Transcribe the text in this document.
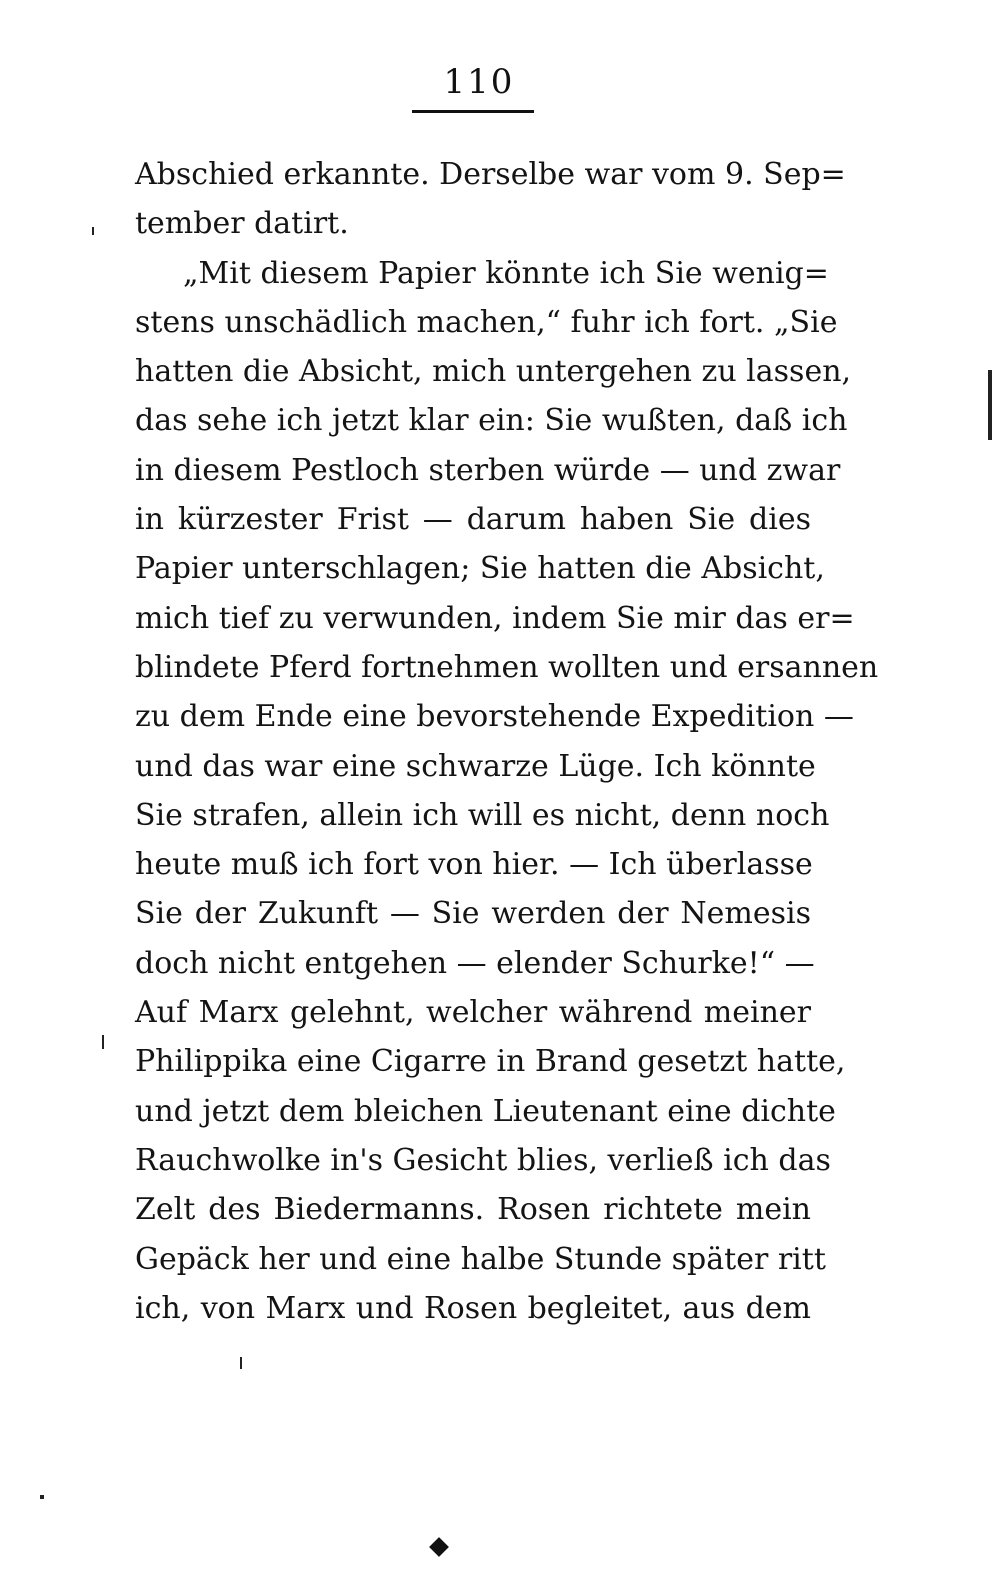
110
Abschied erkannte. Derselbe war vom 9. Sep=
tember datirt.
„Mit diesem Papier könnte ich Sie wenig=
stens unschädlich machen,“ fuhr ich fort. „Sie
hatten die Absicht, mich untergehen zu lassen,
das sehe ich jetzt klar ein: Sie wußten, daß ich
in diesem Pestloch sterben würde — und zwar
in kürzester Frist — darum haben Sie dies
Papier unterschlagen; Sie hatten die Absicht,
mich tief zu verwunden, indem Sie mir das er=
blindete Pferd fortnehmen wollten und ersannen
zu dem Ende eine bevorstehende Expedition —
und das war eine schwarze Lüge. Ich könnte
Sie strafen, allein ich will es nicht, denn noch
heute muß ich fort von hier. — Ich überlasse
Sie der Zukunft — Sie werden der Nemesis
doch nicht entgehen — elender Schurke!“ —
Auf Marx gelehnt, welcher während meiner
Philippika eine Cigarre in Brand gesetzt hatte,
und jetzt dem bleichen Lieutenant eine dichte
Rauchwolke in's Gesicht blies, verließ ich das
Zelt des Biedermanns. Rosen richtete mein
Gepäck her und eine halbe Stunde später ritt
ich, von Marx und Rosen begleitet, aus dem
